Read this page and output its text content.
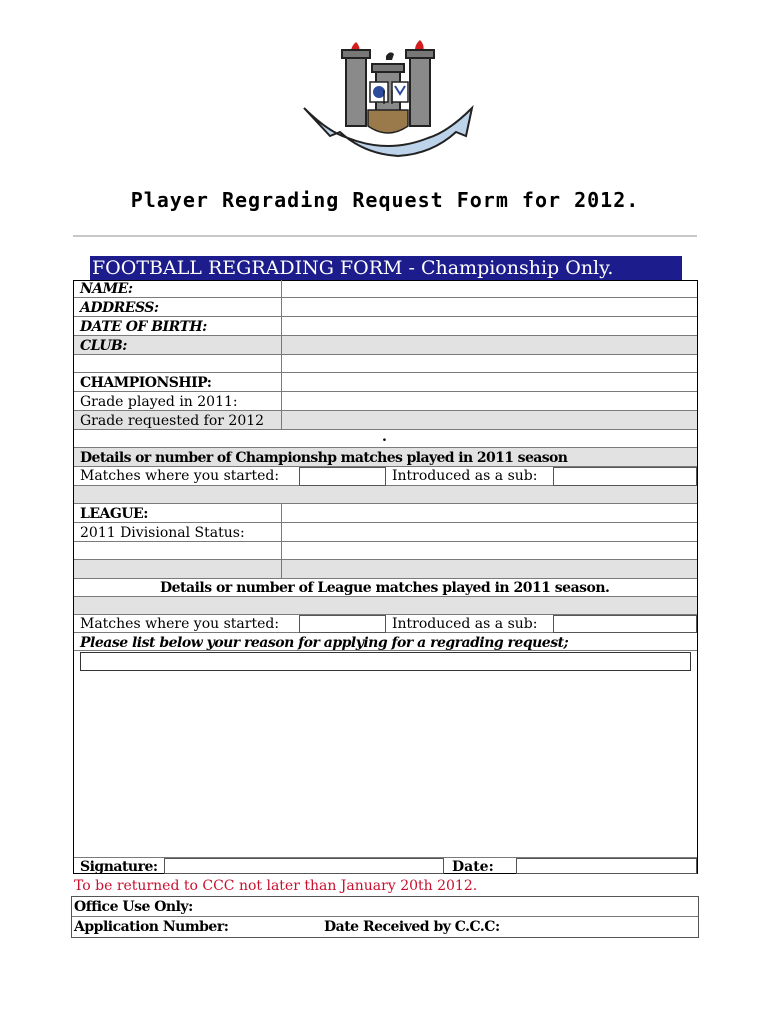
Player Regrading Request Form for 2012.
FOOTBALL REGRADING FORM - Championship Only.
NAME:
ADDRESS:
DATE OF BIRTH:
CLUB:
CHAMPIONSHIP:
Grade played in 2011:
Grade requested for 2012
.
Details or number of Championshp matches played in 2011 season
Matches where you started:	Introduced as a sub:
LEAGUE:
2011 Divisional Status:
Details or number of League matches played in 2011 season.
Matches where you started:	Introduced as a sub:
Please list below your reason for applying for a regrading request;
Signature:	Date:
To be returned to CCC not later than January 20th 2012.
Office Use Only:
Application Number:	Date Received by C.C.C:
